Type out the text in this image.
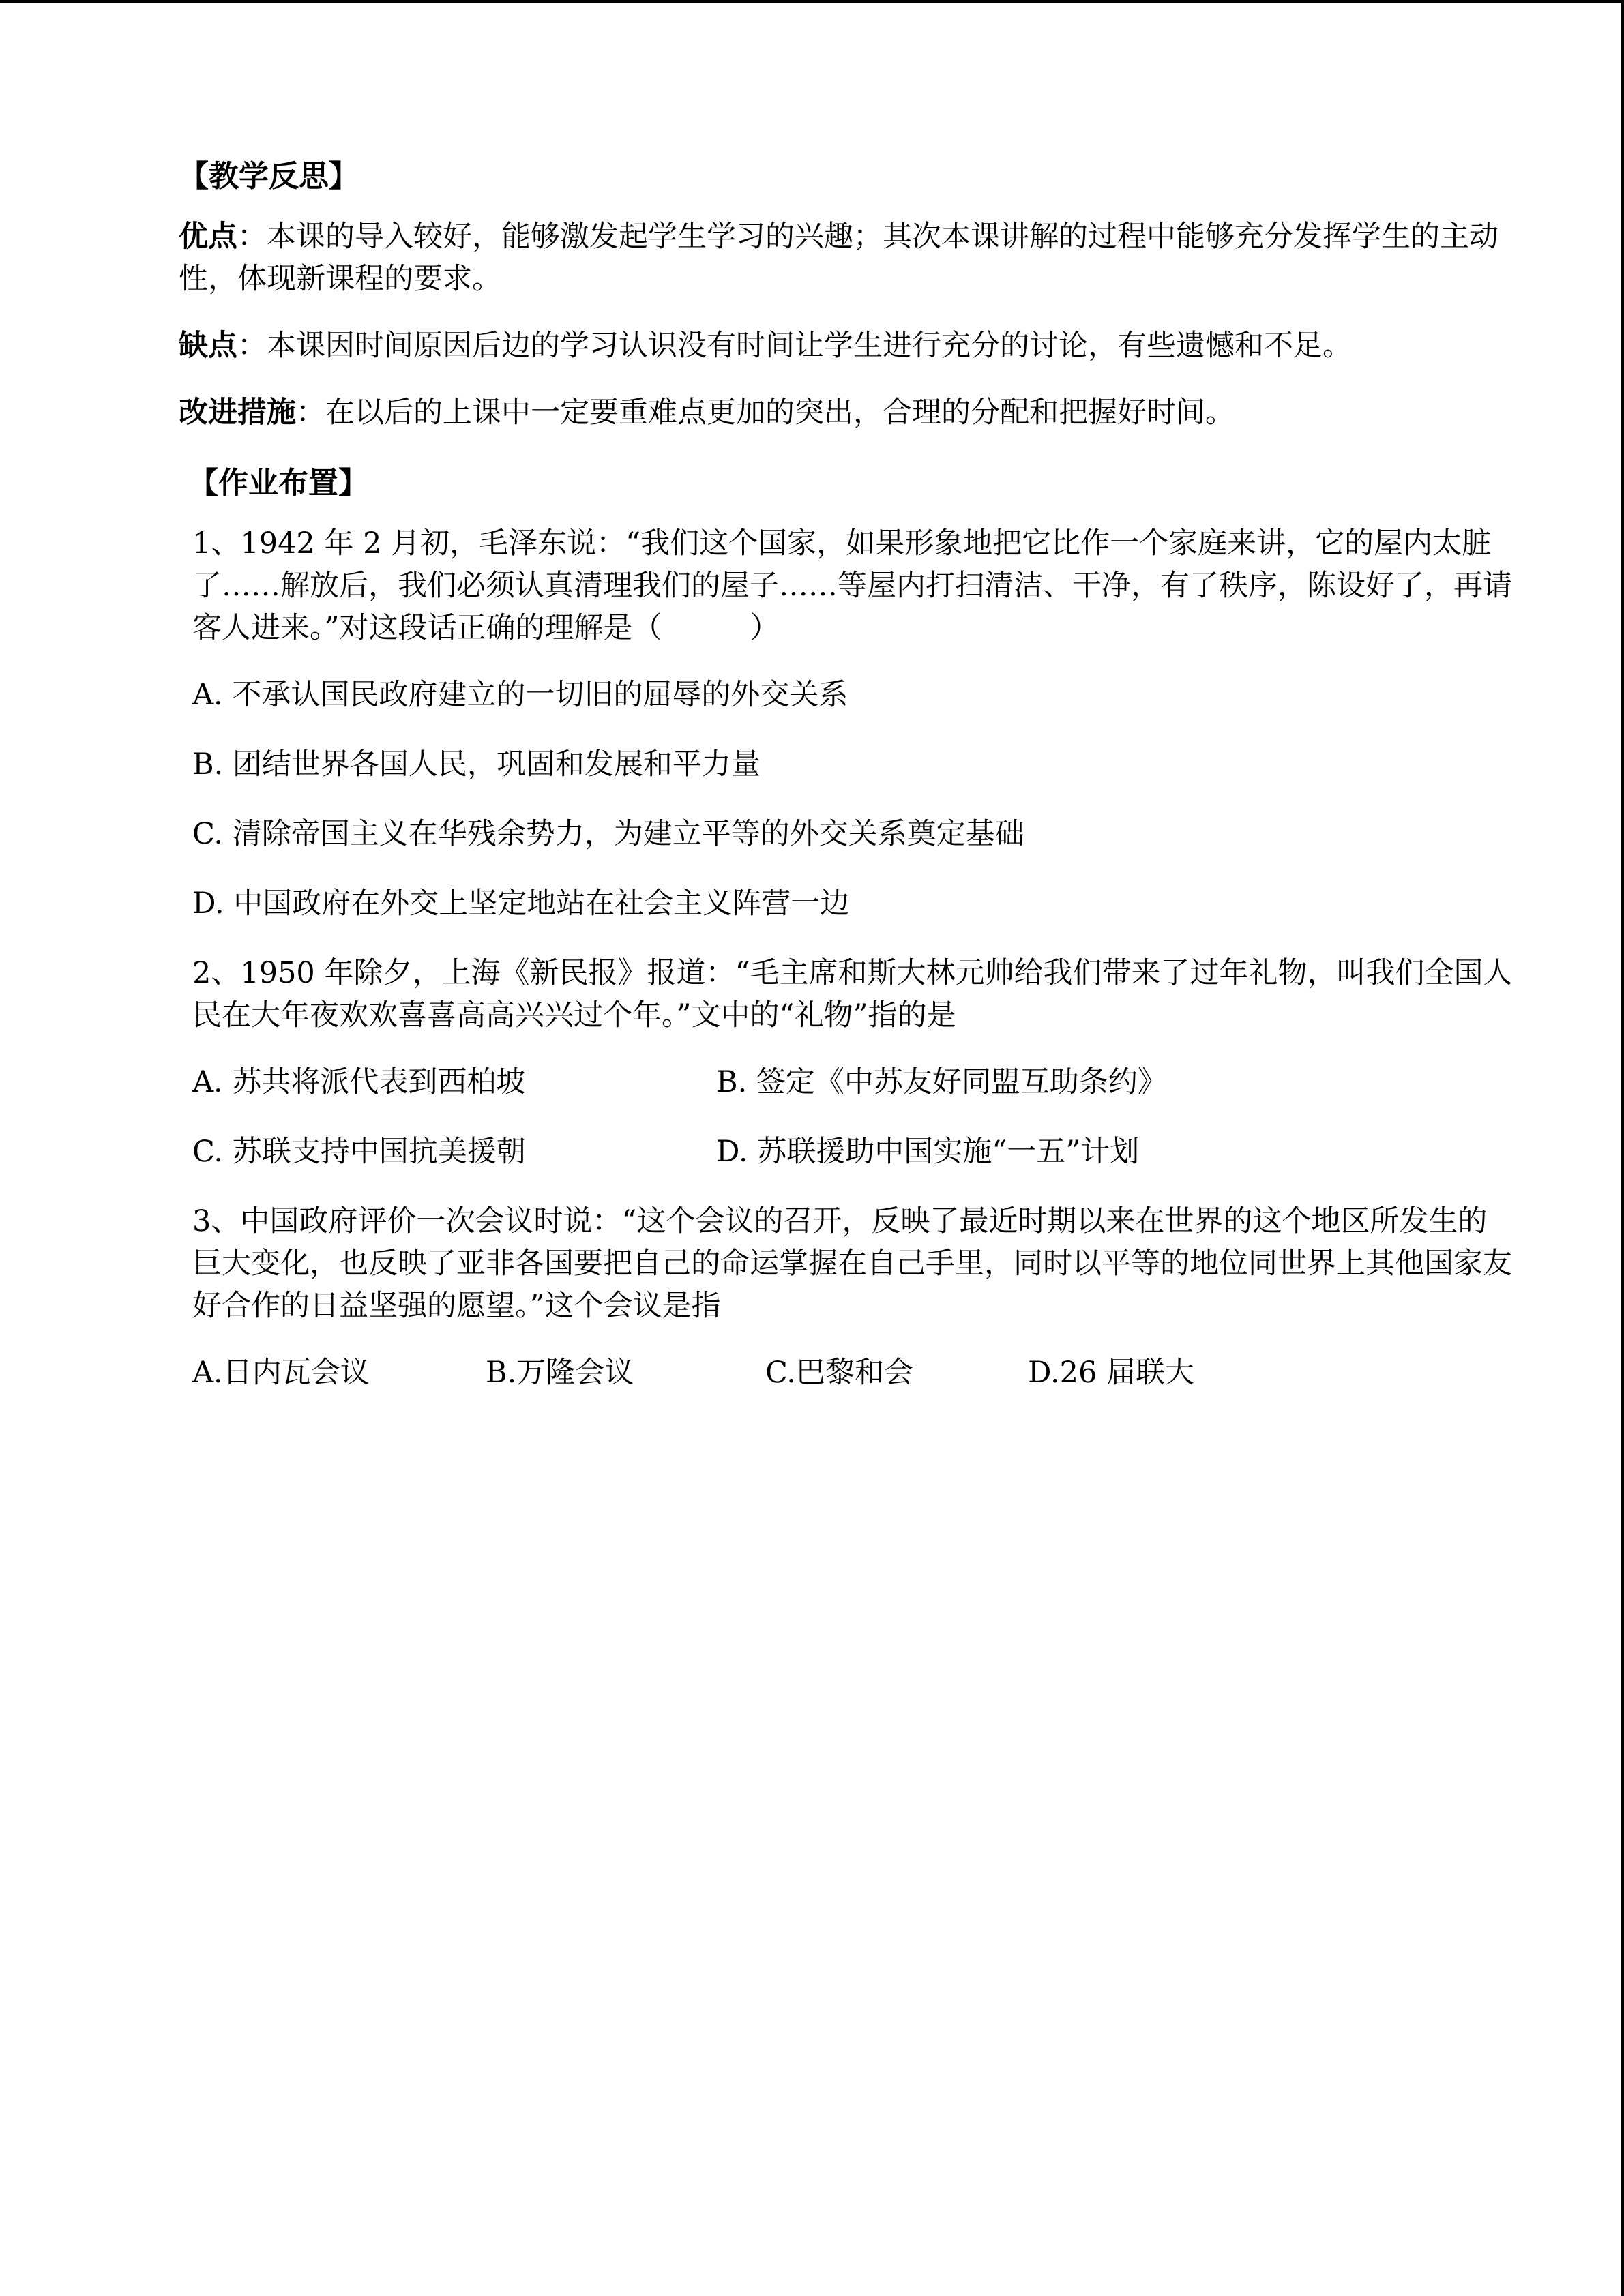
【教学反思】

优点：本课的导入较好，能够激发起学生学习的兴趣；其次本课讲解的过程中能够充分发挥学生的主动性，体现新课程的要求。

缺点：本课因时间原因后边的学习认识没有时间让学生进行充分的讨论，有些遗憾和不足。

改进措施：在以后的上课中一定要重难点更加的突出，合理的分配和把握好时间。

【作业布置】

1、1942 年 2 月初，毛泽东说：“我们这个国家，如果形象地把它比作一个家庭来讲，它的屋内太脏了……解放后，我们必须认真清理我们的屋子……等屋内打扫清洁、干净，有了秩序，陈设好了，再请客人进来。”对这段话正确的理解是（　　　）

A. 不承认国民政府建立的一切旧的屈辱的外交关系
B. 团结世界各国人民，巩固和发展和平力量
C. 清除帝国主义在华残余势力，为建立平等的外交关系奠定基础
D. 中国政府在外交上坚定地站在社会主义阵营一边

2、1950 年除夕，上海《新民报》报道：“毛主席和斯大林元帅给我们带来了过年礼物，叫我们全国人民在大年夜欢欢喜喜高高兴兴过个年。”文中的“礼物”指的是

A. 苏共将派代表到西柏坡	B. 签定《中苏友好同盟互助条约》
C. 苏联支持中国抗美援朝	D. 苏联援助中国实施“一五”计划

3、中国政府评价一次会议时说：“这个会议的召开，反映了最近时期以来在世界的这个地区所发生的巨大变化，也反映了亚非各国要把自己的命运掌握在自己手里，同时以平等的地位同世界上其他国家友好合作的日益坚强的愿望。”这个会议是指

A.日内瓦会议	B.万隆会议	C.巴黎和会	D.26 届联大
